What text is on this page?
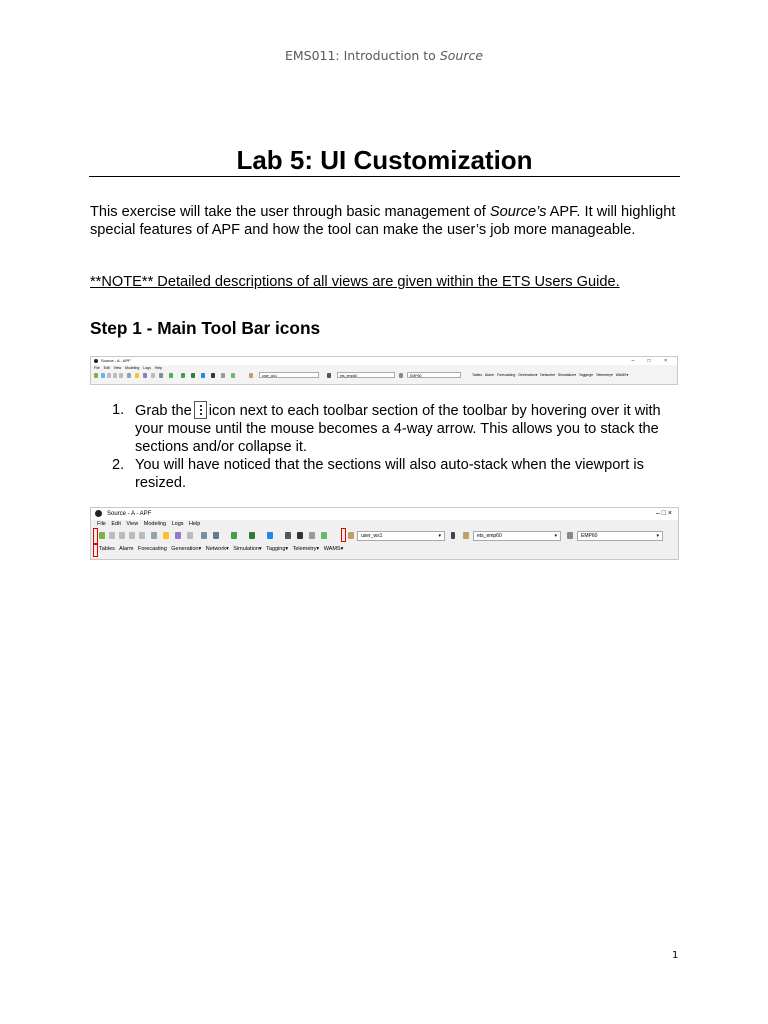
EMS011: Introduction to Source
Lab 5: UI Customization
This exercise will take the user through basic management of Source’s APF. It will highlight special features of APF and how the tool can make the user’s job more manageable.
**NOTE** Detailed descriptions of all views are given within the ETS Users Guide.
Step 1 - Main Tool Bar icons
Source - A - APF	– □ ×
File Edit View Modeling Logs Help
user_ws1	ets_emp60	EMP60	Tables Alarm Forecasting Generation▾ Network▾ Simulation▾ Tagging▾ Telemetry▾ WAMS▾
1. Grab the icon next to each toolbar section of the toolbar by hovering over it with your mouse until the mouse becomes a 4-way arrow. This allows you to stack the sections and/or collapse it.
2. You will have noticed that the sections will also auto-stack when the viewport is resized.
Source - A - APF	– □ ×
File Edit View Modeling Logs Help
user_ws1	▾	ets_emp60	▾	EMP60	▾
Tables Alarm Forecasting Generation▾ Network▾ Simulation▾ Tagging▾ Telemetry▾ WAMS▾
1
